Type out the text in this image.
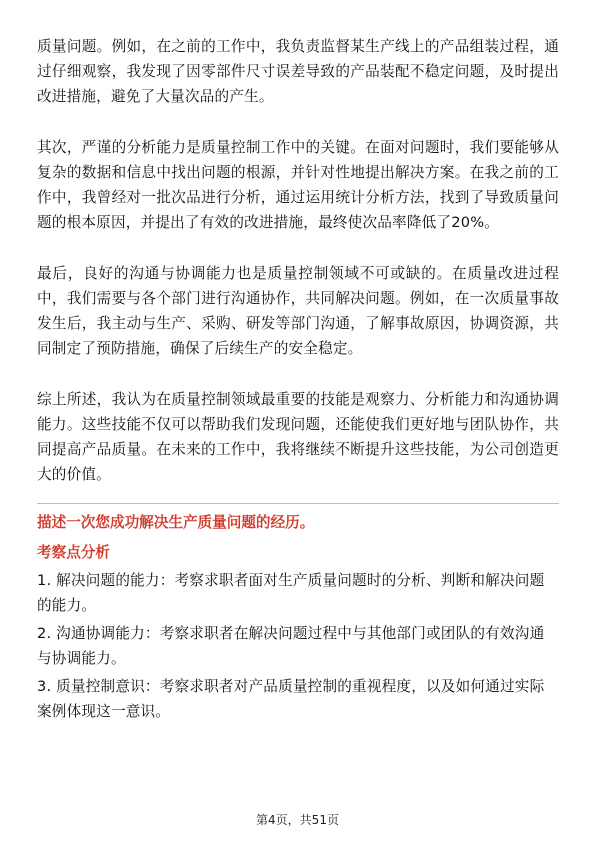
质量问题。例如，在之前的工作中，我负责监督某生产线上的产品组装过程，通过仔细观察，我发现了因零部件尺寸误差导致的产品装配不稳定问题，及时提出改进措施，避免了大量次品的产生。

其次，严谨的分析能力是质量控制工作中的关键。在面对问题时，我们要能够从复杂的数据和信息中找出问题的根源，并针对性地提出解决方案。在我之前的工作中，我曾经对一批次品进行分析，通过运用统计分析方法，找到了导致质量问题的根本原因，并提出了有效的改进措施，最终使次品率降低了20%。

最后，良好的沟通与协调能力也是质量控制领域不可或缺的。在质量改进过程中，我们需要与各个部门进行沟通协作，共同解决问题。例如，在一次质量事故发生后，我主动与生产、采购、研发等部门沟通，了解事故原因，协调资源，共同制定了预防措施，确保了后续生产的安全稳定。

综上所述，我认为在质量控制领域最重要的技能是观察力、分析能力和沟通协调能力。这些技能不仅可以帮助我们发现问题，还能使我们更好地与团队协作，共同提高产品质量。在未来的工作中，我将继续不断提升这些技能，为公司创造更大的价值。

描述一次您成功解决生产质量问题的经历。
考察点分析
1. 解决问题的能力：考察求职者面对生产质量问题时的分析、判断和解决问题的能力。
2. 沟通协调能力：考察求职者在解决问题过程中与其他部门或团队的有效沟通与协调能力。
3. 质量控制意识：考察求职者对产品质量控制的重视程度，以及如何通过实际案例体现这一意识。
第4页，共51页
